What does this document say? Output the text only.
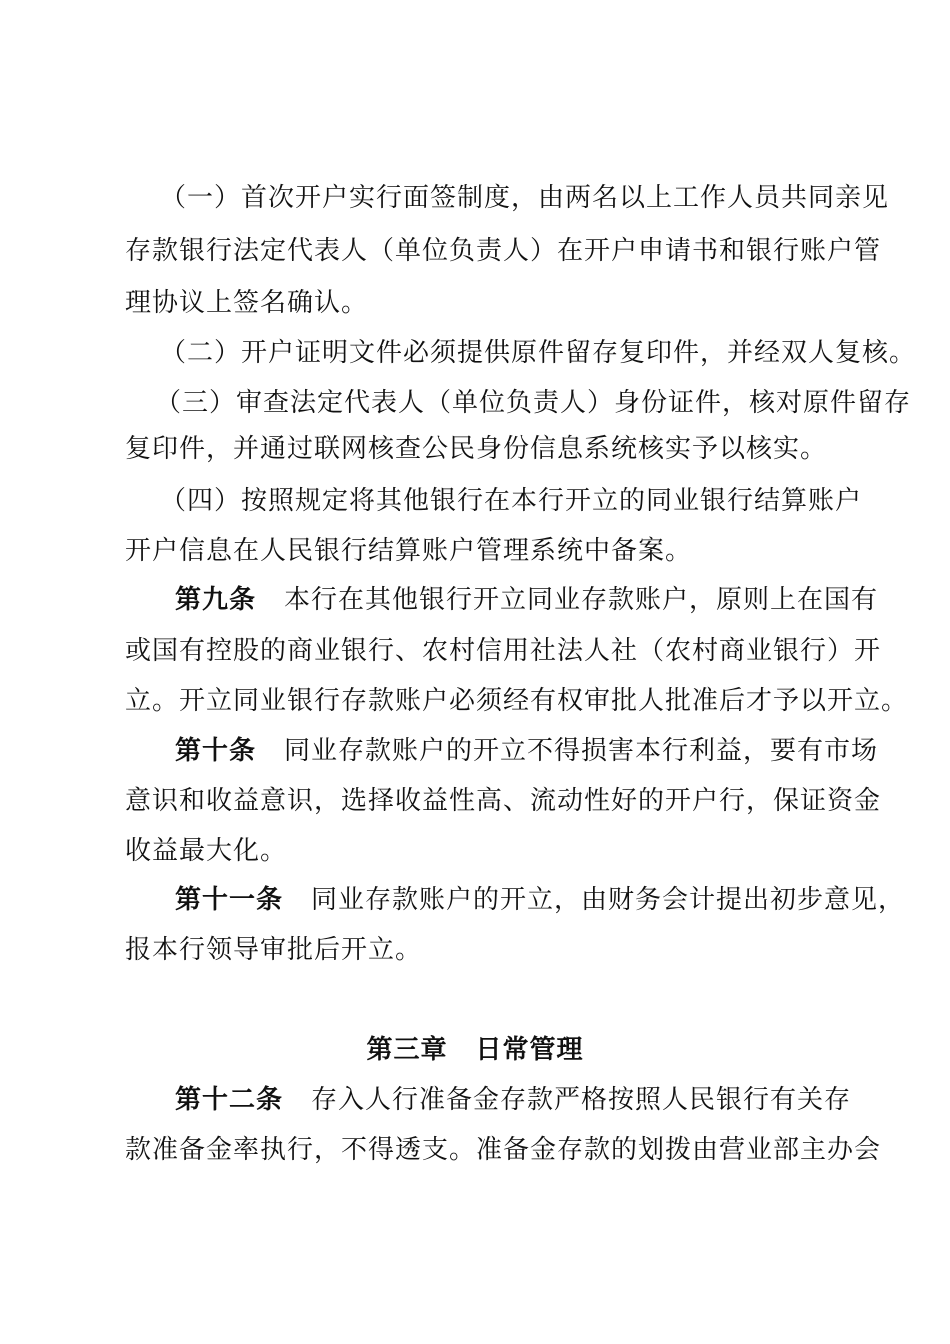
（一）首次开户实行面签制度，由两名以上工作人员共同亲见
存款银行法定代表人（单位负责人）在开户申请书和银行账户管
理协议上签名确认。
（二）开户证明文件必须提供原件留存复印件，并经双人复核。
（三）审查法定代表人（单位负责人）身份证件，核对原件留存
复印件，并通过联网核查公民身份信息系统核实予以核实。
（四）按照规定将其他银行在本行开立的同业银行结算账户
开户信息在人民银行结算账户管理系统中备案。
第九条 本行在其他银行开立同业存款账户，原则上在国有
或国有控股的商业银行、农村信用社法人社（农村商业银行）开
立。开立同业银行存款账户必须经有权审批人批准后才予以开立。
第十条 同业存款账户的开立不得损害本行利益，要有市场
意识和收益意识，选择收益性高、流动性好的开户行，保证资金
收益最大化。
第十一条 同业存款账户的开立，由财务会计提出初步意见，
报本行领导审批后开立。
第三章 日常管理
第十二条 存入人行准备金存款严格按照人民银行有关存
款准备金率执行，不得透支。准备金存款的划拨由营业部主办会
